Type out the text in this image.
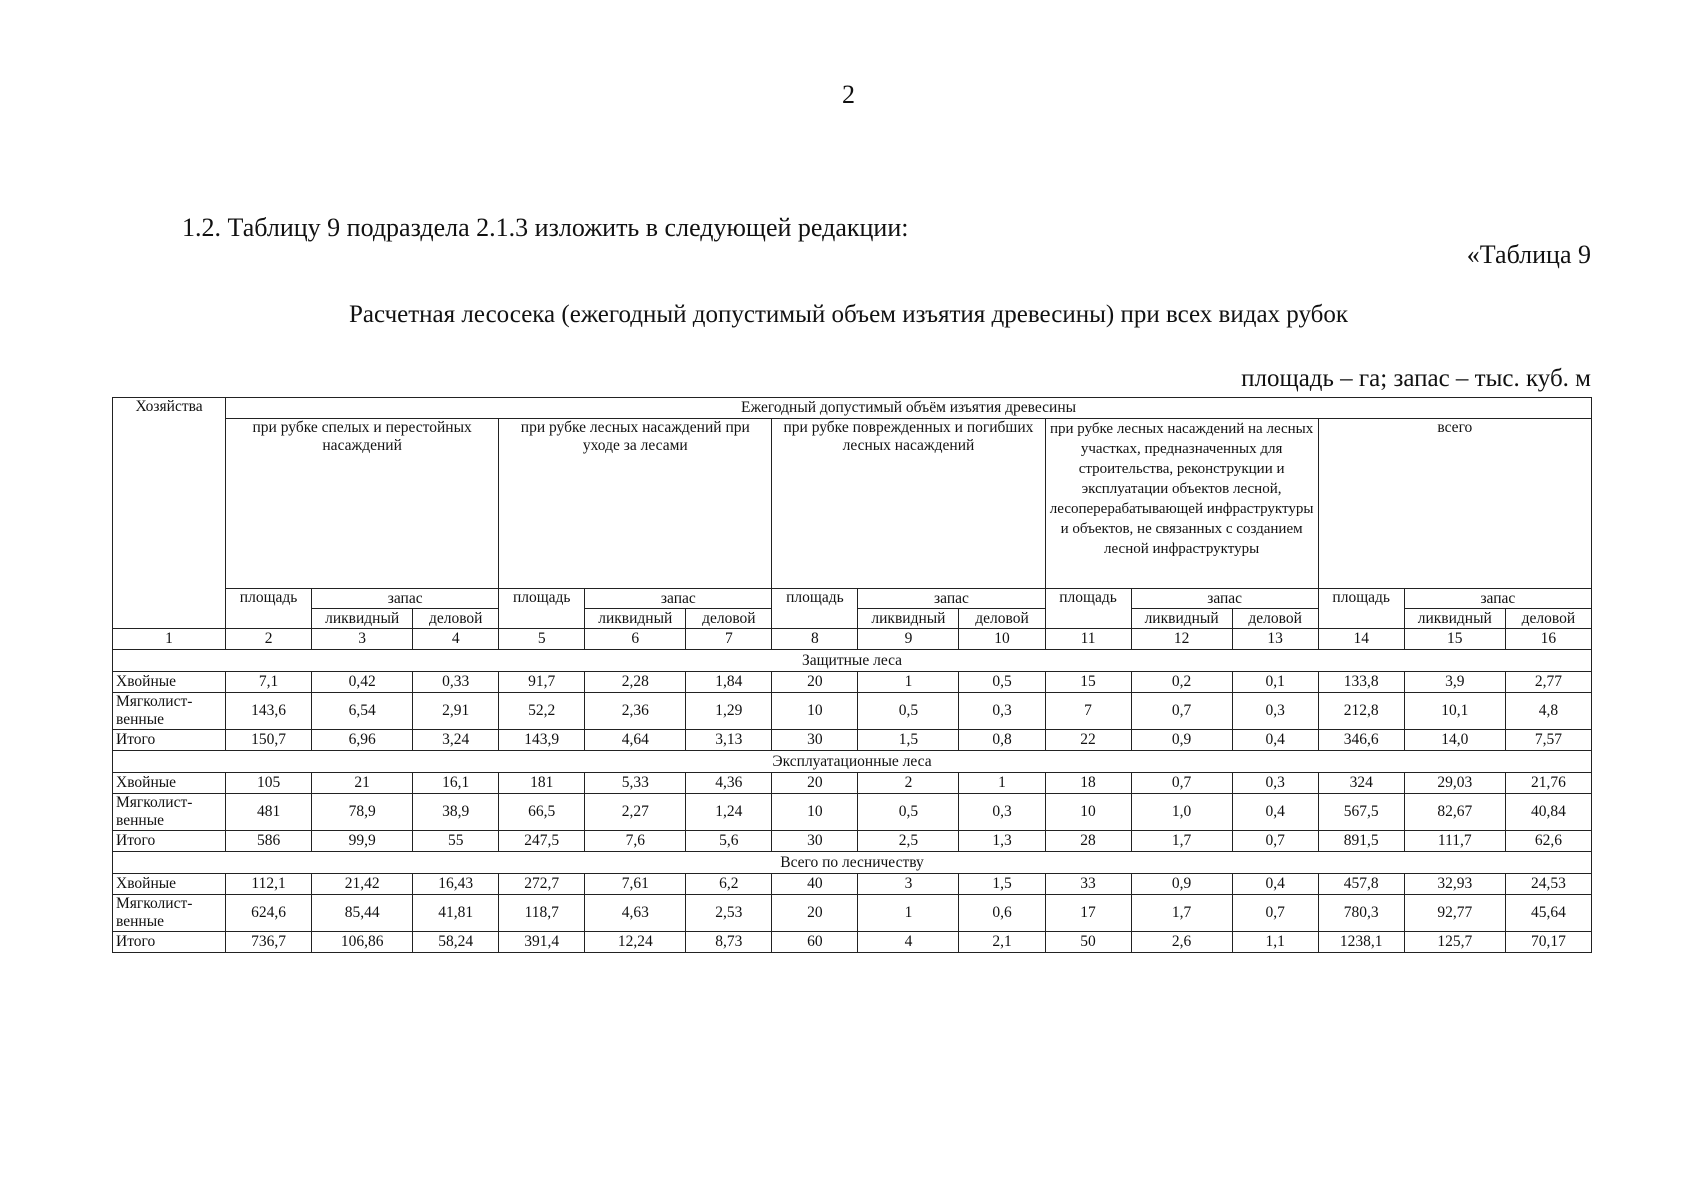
2
1.2. Таблицу 9 подраздела 2.1.3 изложить в следующей редакции:
«Таблица 9
Расчетная лесосека (ежегодный допустимый объем изъятия древесины) при всех видах рубок
площадь – га; запас – тыс. куб. м
Хозяйства	Ежегодный допустимый объём изъятия древесины														
	при рубке спелых и перестойных насаждений			при рубке лесных насаждений при уходе за лесами			при рубке поврежденных и погибших лесных насаждений			при рубке лесных насаждений на лесных участках, предназначенных для строительства, реконструкции и эксплуатации объектов лесной, лесоперерабатывающей инфраструктуры и объектов, не связанных с созданием лесной инфраструктуры			всего		
	площадь	запас		площадь	запас		площадь	запас		площадь	запас		площадь	запас	
		ликвидный	деловой		ликвидный	деловой		ликвидный	деловой		ликвидный	деловой		ликвидный	деловой
1	2	3	4	5	6	7	8	9	10	11	12	13	14	15	16
Защитные леса															
Хвойные	7,1	0,42	0,33	91,7	2,28	1,84	20	1	0,5	15	0,2	0,1	133,8	3,9	2,77
Мягколист-венные	143,6	6,54	2,91	52,2	2,36	1,29	10	0,5	0,3	7	0,7	0,3	212,8	10,1	4,8
Итого	150,7	6,96	3,24	143,9	4,64	3,13	30	1,5	0,8	22	0,9	0,4	346,6	14,0	7,57
Эксплуатационные леса															
Хвойные	105	21	16,1	181	5,33	4,36	20	2	1	18	0,7	0,3	324	29,03	21,76
Мягколист-венные	481	78,9	38,9	66,5	2,27	1,24	10	0,5	0,3	10	1,0	0,4	567,5	82,67	40,84
Итого	586	99,9	55	247,5	7,6	5,6	30	2,5	1,3	28	1,7	0,7	891,5	111,7	62,6
Всего по лесничеству															
Хвойные	112,1	21,42	16,43	272,7	7,61	6,2	40	3	1,5	33	0,9	0,4	457,8	32,93	24,53
Мягколист-венные	624,6	85,44	41,81	118,7	4,63	2,53	20	1	0,6	17	1,7	0,7	780,3	92,77	45,64
Итого	736,7	106,86	58,24	391,4	12,24	8,73	60	4	2,1	50	2,6	1,1	1238,1	125,7	70,17
